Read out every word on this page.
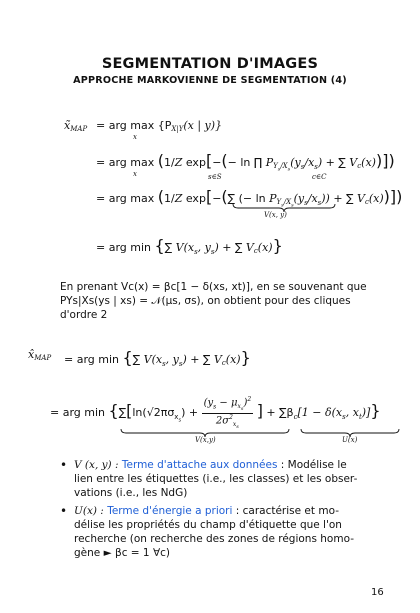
SEGMENTATION D'IMAGES
APPROCHE MARKOVIENNE DE SEGMENTATION (4)
$x̃_{MAP}$ = arg $\max \{P_{X|Y}(x$ | y)}
x
= arg max (1/Z exp[−(− ln ∏ $P_{Y_s/X_s}(y_s/x_s)$ + ∑ $V_c(x)$)])
x	s∈S	c∈C
= arg max (1/Z exp[−(∑ (− $\ln P_{Y_s/X_s}(y_s/x_s)$) + ∑ $V_c(x)$)])
V(x, y)
= arg min {∑ $V(x_s$, $y_s$) + ∑ $V_c(x)$}
En prenant Vc(x) = βc[1 − δ(xs, xt)], en se souvenant que
PYs|Xs(ys | xs) = 𝒩(μs, σs), on obtient pour des cliques
d'ordre 2
$x̂_{MAP}$ = arg min {∑ $V(x_s$, $y_s$) + ∑ $V_c(x)$}
= arg $\min \{\sum[\ln(√2\pi\sigma_{x_s})$ +
$(y_s - \mu_{x_s})^2$
$2\sigma^2_{x_s}$
] + $\sum\beta_c[1 - \delta(x_s$, $x_t$)]}
V(x,y)	U(x)
• V (x, y) : Terme d'attache aux données : Modélise le
lien entre les étiquettes (i.e., les classes) et les obser-
vations (i.e., les NdG)
• U(x) : Terme d'énergie a priori : caractérise et mo-
délise les propriétés du champ d'étiquette que l'on
recherche (on recherche des zones de régions homo-
gène ► βc = 1 ∀c)
16
